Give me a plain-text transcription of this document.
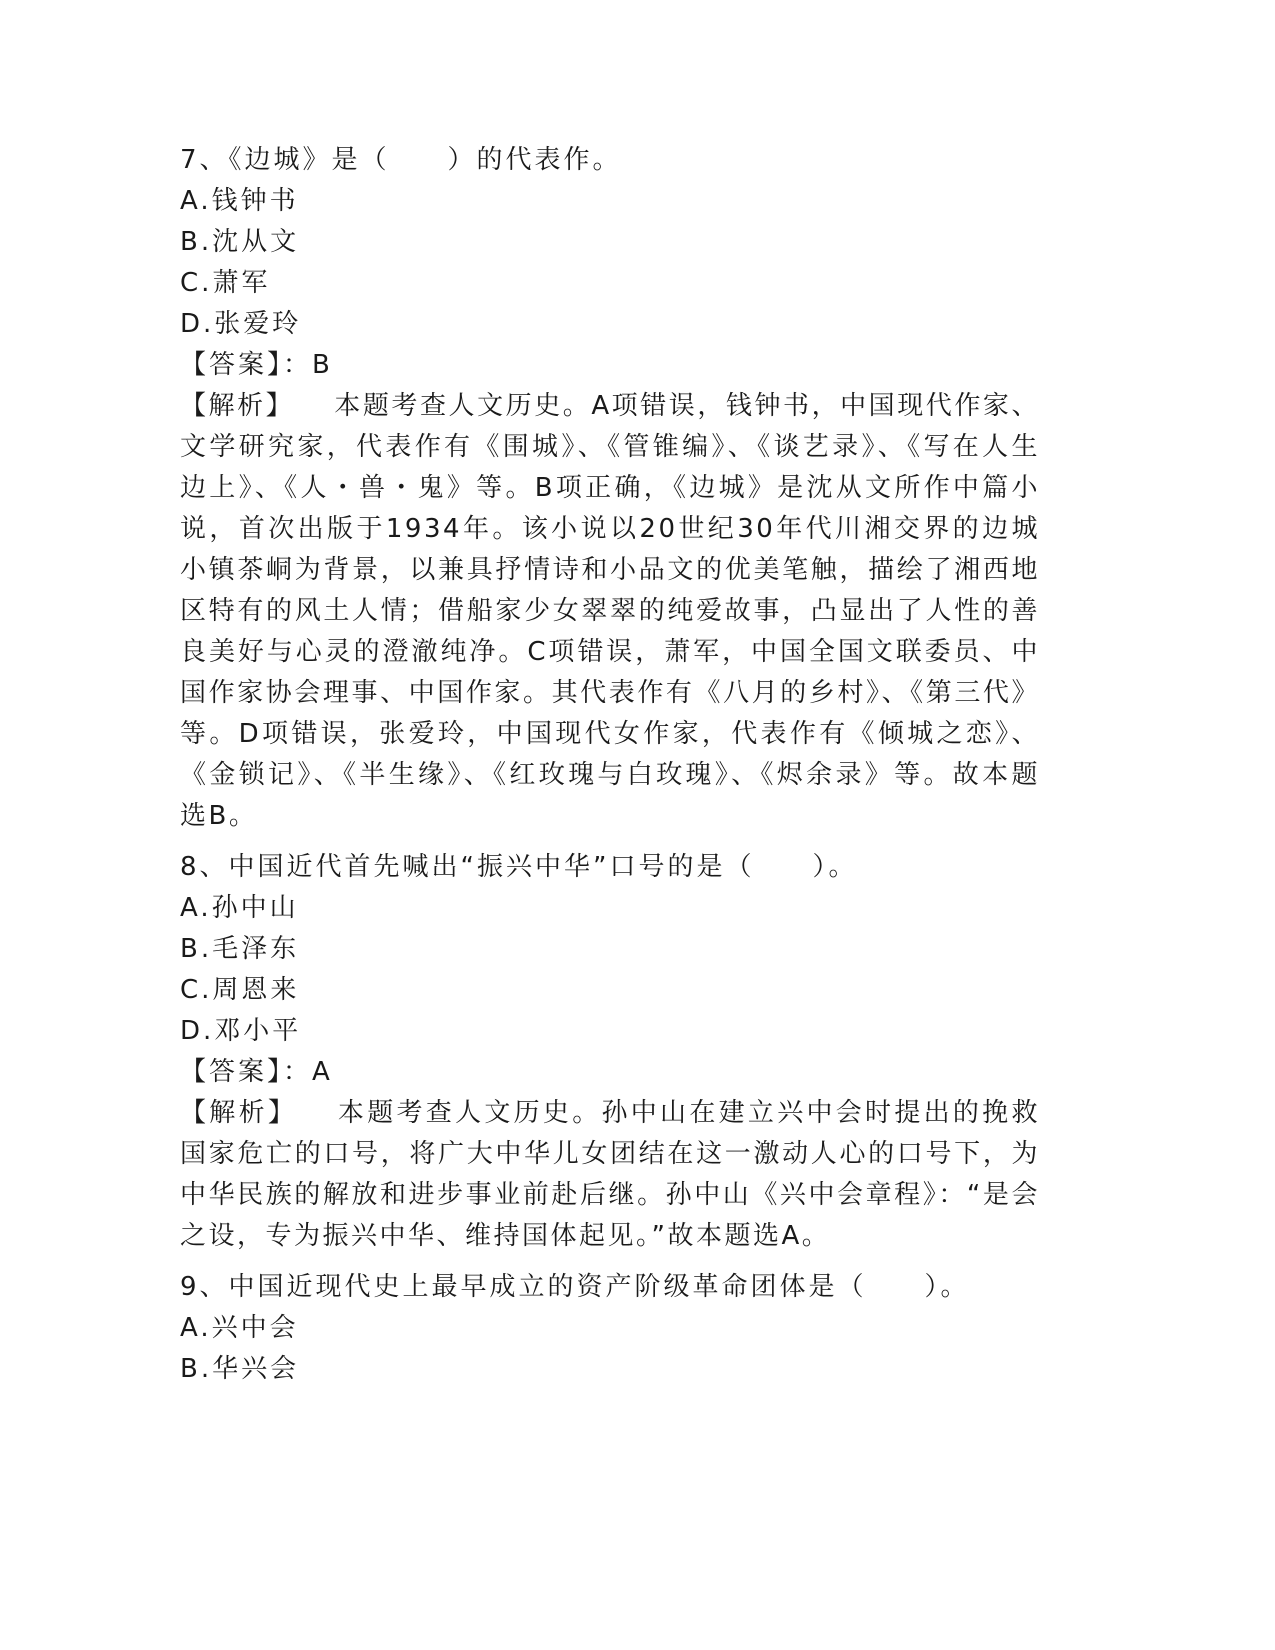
7、《边城》是（　　）的代表作。
A.钱钟书
B.沈从文
C.萧军
D.张爱玲
【答案】：B
【解析】 本题考查人文历史。A项错误，钱钟书，中国现代作家、文学研究家，代表作有《围城》、《管锥编》、《谈艺录》、《写在人生边上》、《人・兽・鬼》等。B项正确，《边城》是沈从文所作中篇小说，首次出版于1934年。该小说以20世纪30年代川湘交界的边城小镇茶峒为背景，以兼具抒情诗和小品文的优美笔触，描绘了湘西地区特有的风土人情；借船家少女翠翠的纯爱故事，凸显出了人性的善良美好与心灵的澄澈纯净。C项错误，萧军，中国全国文联委员、中国作家协会理事、中国作家。其代表作有《八月的乡村》、《第三代》等。D项错误，张爱玲，中国现代女作家，代表作有《倾城之恋》、《金锁记》、《半生缘》、《红玫瑰与白玫瑰》、《烬余录》等。故本题选B。
8、中国近代首先喊出“振兴中华”口号的是（　　）。
A.孙中山
B.毛泽东
C.周恩来
D.邓小平
【答案】：A
【解析】 本题考查人文历史。孙中山在建立兴中会时提出的挽救国家危亡的口号，将广大中华儿女团结在这一激动人心的口号下，为中华民族的解放和进步事业前赴后继。孙中山《兴中会章程》：“是会之设，专为振兴中华、维持国体起见。”故本题选A。
9、中国近现代史上最早成立的资产阶级革命团体是（　　）。
A.兴中会
B.华兴会
